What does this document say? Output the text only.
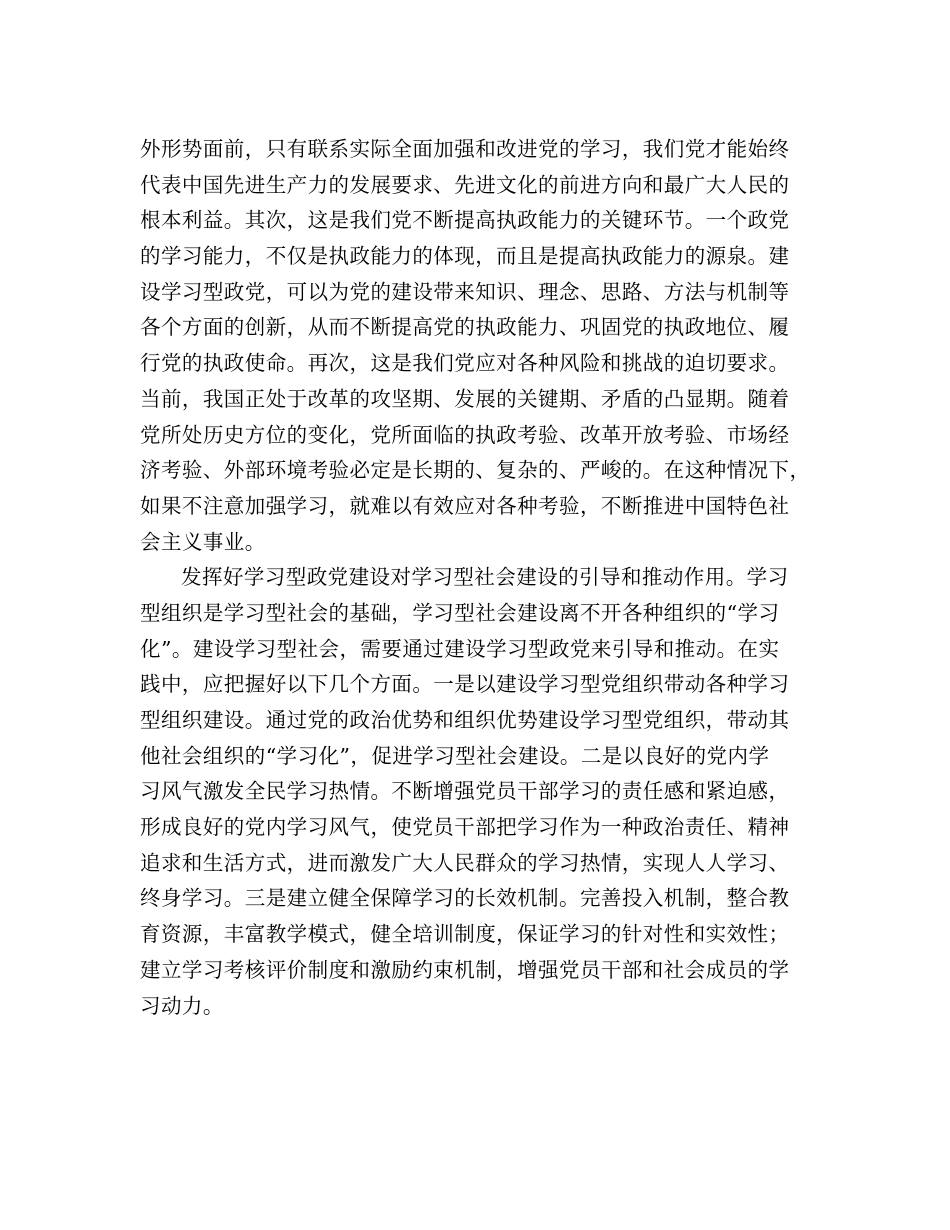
外形势面前，只有联系实际全面加强和改进党的学习，我们党才能始终
代表中国先进生产力的发展要求、先进文化的前进方向和最广大人民的
根本利益。其次，这是我们党不断提高执政能力的关键环节。一个政党
的学习能力，不仅是执政能力的体现，而且是提高执政能力的源泉。建
设学习型政党，可以为党的建设带来知识、理念、思路、方法与机制等
各个方面的创新，从而不断提高党的执政能力、巩固党的执政地位、履
行党的执政使命。再次，这是我们党应对各种风险和挑战的迫切要求。
当前，我国正处于改革的攻坚期、发展的关键期、矛盾的凸显期。随着
党所处历史方位的变化，党所面临的执政考验、改革开放考验、市场经
济考验、外部环境考验必定是长期的、复杂的、严峻的。在这种情况下，
如果不注意加强学习，就难以有效应对各种考验，不断推进中国特色社
会主义事业。
发挥好学习型政党建设对学习型社会建设的引导和推动作用。学习
型组织是学习型社会的基础，学习型社会建设离不开各种组织的“学习
化”。建设学习型社会，需要通过建设学习型政党来引导和推动。在实
践中，应把握好以下几个方面。一是以建设学习型党组织带动各种学习
型组织建设。通过党的政治优势和组织优势建设学习型党组织，带动其
他社会组织的“学习化”，促进学习型社会建设。二是以良好的党内学
习风气激发全民学习热情。不断增强党员干部学习的责任感和紧迫感，
形成良好的党内学习风气，使党员干部把学习作为一种政治责任、精神
追求和生活方式，进而激发广大人民群众的学习热情，实现人人学习、
终身学习。三是建立健全保障学习的长效机制。完善投入机制，整合教
育资源，丰富教学模式，健全培训制度，保证学习的针对性和实效性；
建立学习考核评价制度和激励约束机制，增强党员干部和社会成员的学
习动力。
